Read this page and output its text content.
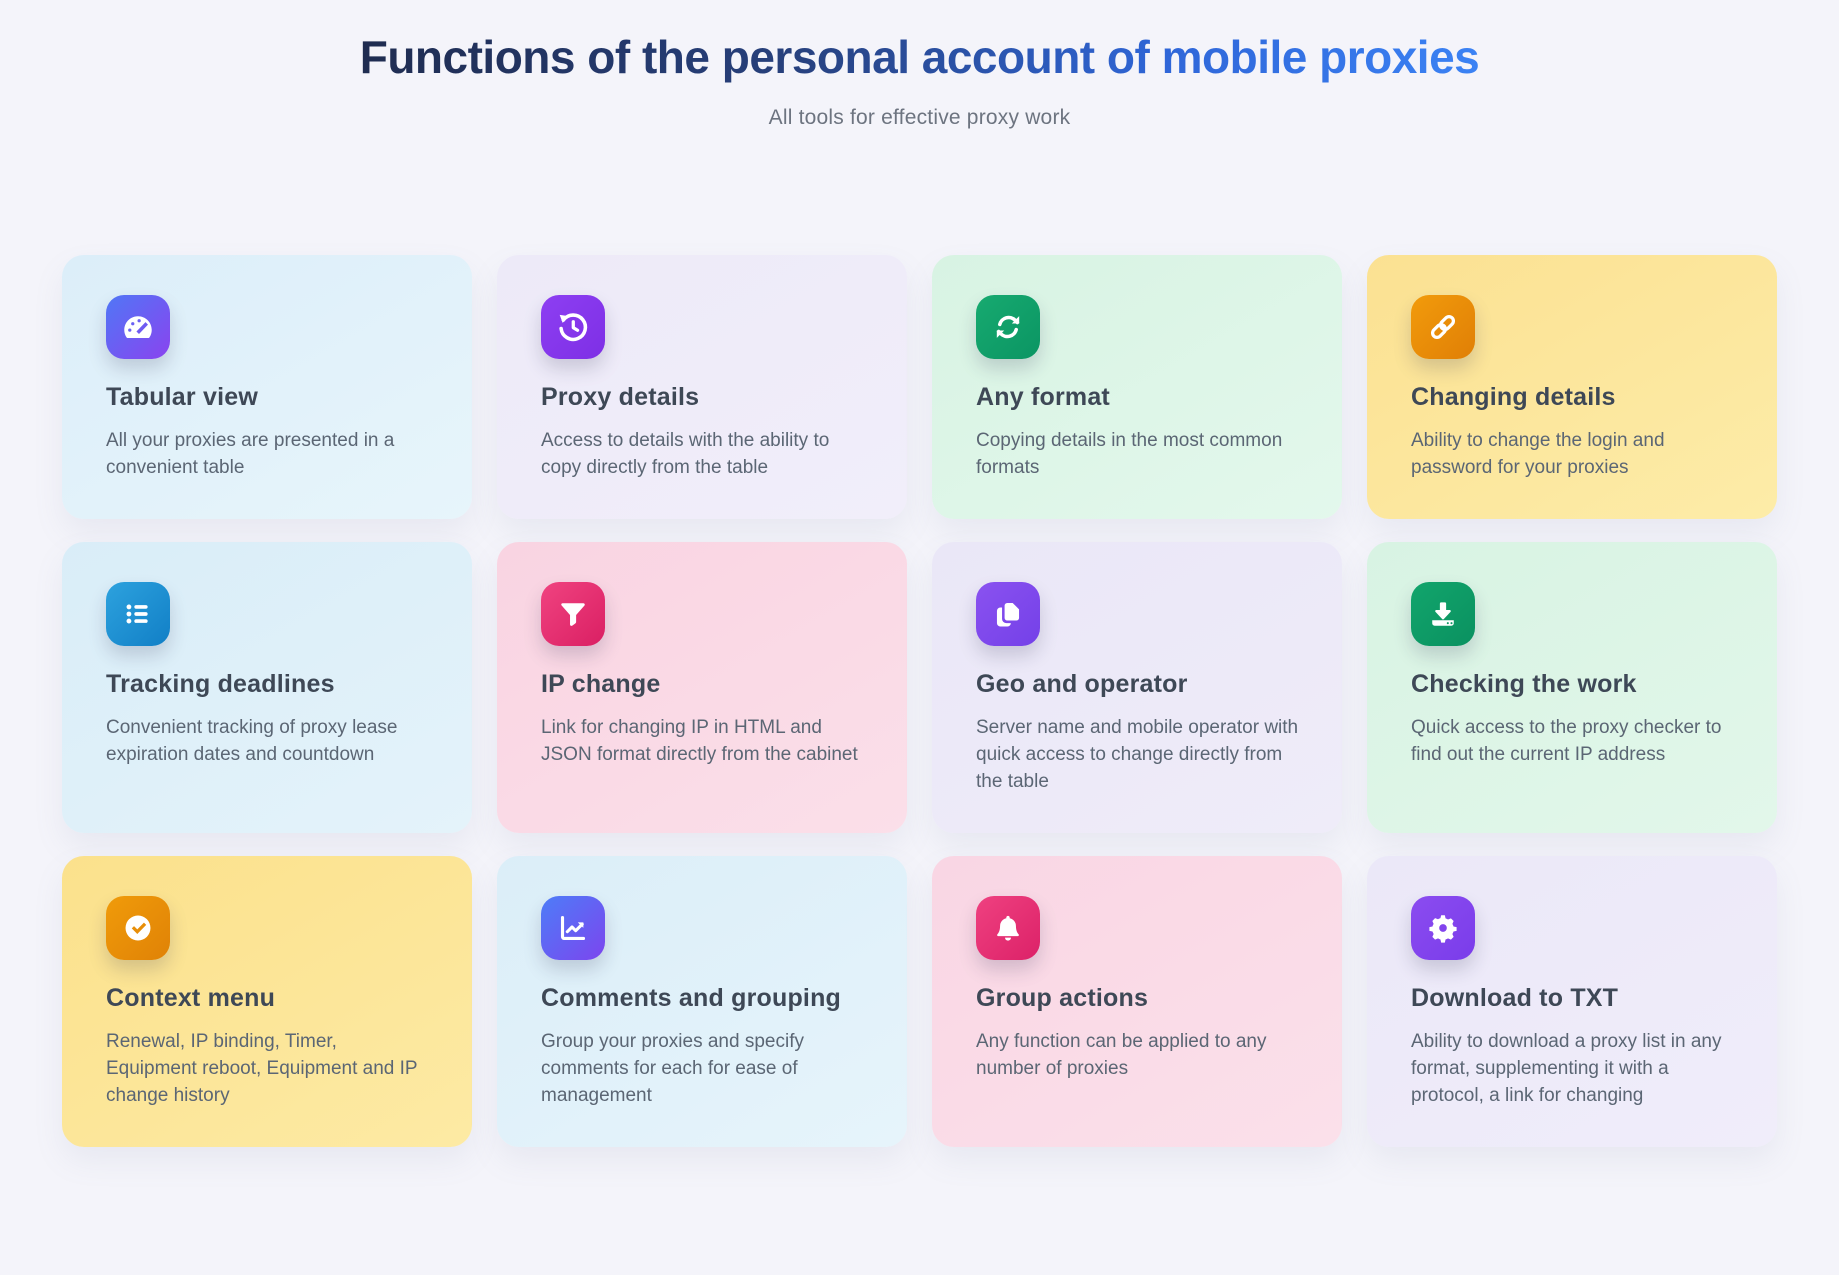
Functions of the personal account of mobile proxies

All tools for effective proxy work

Tabular view

All your proxies are presented in a convenient table

Proxy details

Access to details with the ability to copy directly from the table

Any format

Copying details in the most common formats

Changing details

Ability to change the login and password for your proxies

Tracking deadlines

Convenient tracking of proxy lease expiration dates and countdown

IP change

Link for changing IP in HTML and JSON format directly from the cabinet

Geo and operator

Server name and mobile operator with quick access to change directly from the table

Checking the work

Quick access to the proxy checker to find out the current IP address

Context menu

Renewal, IP binding, Timer, Equipment reboot, Equipment and IP change history

Comments and grouping

Group your proxies and specify comments for each for ease of management

Group actions

Any function can be applied to any number of proxies

Download to TXT

Ability to download a proxy list in any format, supplementing it with a protocol, a link for changing
